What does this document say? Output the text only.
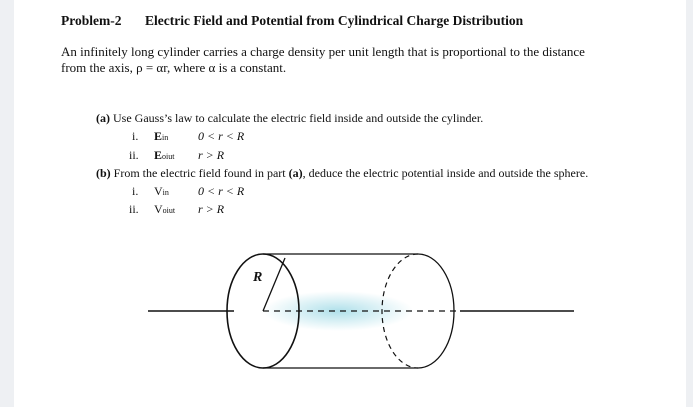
Problem-2 Electric Field and Potential from Cylindrical Charge Distribution
An infinitely long cylinder carries a charge density per unit length that is proportional to the distance
from the axis, ρ = αr, where α is a constant.
(a) Use Gauss’s law to calculate the electric field inside and outside the cylinder.
i. Ein 0 < r < R
ii. Eoiut r > R
(b) From the electric field found in part (a), deduce the electric potential inside and outside the sphere.
i. Vin 0 < r < R
ii. Voiut r > R
R
